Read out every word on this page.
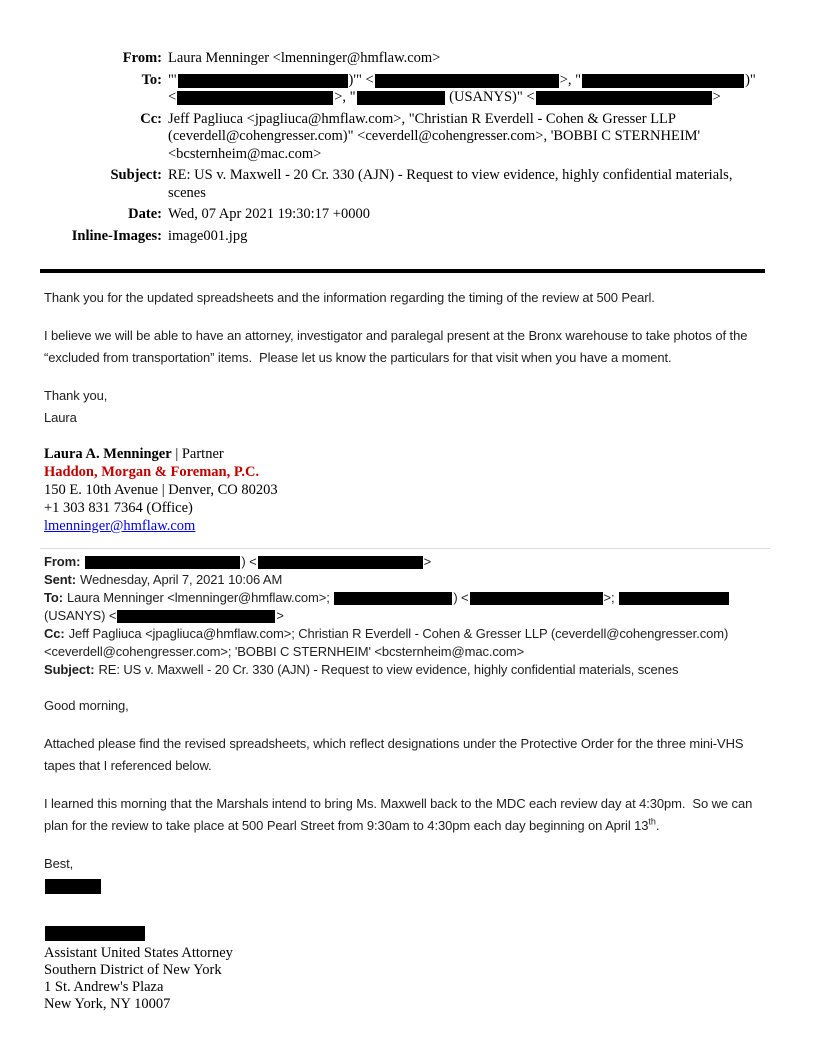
From: Laura Menninger <lmenninger@hmflaw.com>
To: "'	)'" <	>, "	)"
<	>, "	(USANYS)" <	>
Cc: Jeff Pagliuca <jpagliuca@hmflaw.com>, "Christian R Everdell - Cohen & Gresser LLP (ceverdell@cohengresser.com)" <ceverdell@cohengresser.com>, 'BOBBI C STERNHEIM' <bcsternheim@mac.com>
Subject: RE: US v. Maxwell - 20 Cr. 330 (AJN) - Request to view evidence, highly confidential materials, scenes
Date: Wed, 07 Apr 2021 19:30:17 +0000
Inline-Images: image001.jpg

Thank you for the updated spreadsheets and the information regarding the timing of the review at 500 Pearl.

I believe we will be able to have an attorney, investigator and paralegal present at the Bronx warehouse to take photos of the “excluded from transportation” items.  Please let us know the particulars for that visit when you have a moment.

Thank you,
Laura

Laura A. Menninger | Partner
Haddon, Morgan & Foreman, P.C.
150 E. 10th Avenue | Denver, CO 80203
+1 303 831 7364 (Office)
lmenninger@hmflaw.com
From:	) <	>
Sent: Wednesday, April 7, 2021 10:06 AM
To: Laura Menninger <lmenninger@hmflaw.com>;	) <	>;
(USANYS) <	>
Cc: Jeff Pagliuca <jpagliuca@hmflaw.com>; Christian R Everdell - Cohen & Gresser LLP (ceverdell@cohengresser.com) <ceverdell@cohengresser.com>; 'BOBBI C STERNHEIM' <bcsternheim@mac.com>
Subject: RE: US v. Maxwell - 20 Cr. 330 (AJN) - Request to view evidence, highly confidential materials, scenes

Good morning,

Attached please find the revised spreadsheets, which reflect designations under the Protective Order for the three mini-VHS tapes that I referenced below.

I learned this morning that the Marshals intend to bring Ms. Maxwell back to the MDC each review day at 4:30pm.  So we can plan for the review to take place at 500 Pearl Street from 9:30am to 4:30pm each day beginning on April 13th.

Best,

Assistant United States Attorney
Southern District of New York
1 St. Andrew's Plaza
New York, NY 10007
